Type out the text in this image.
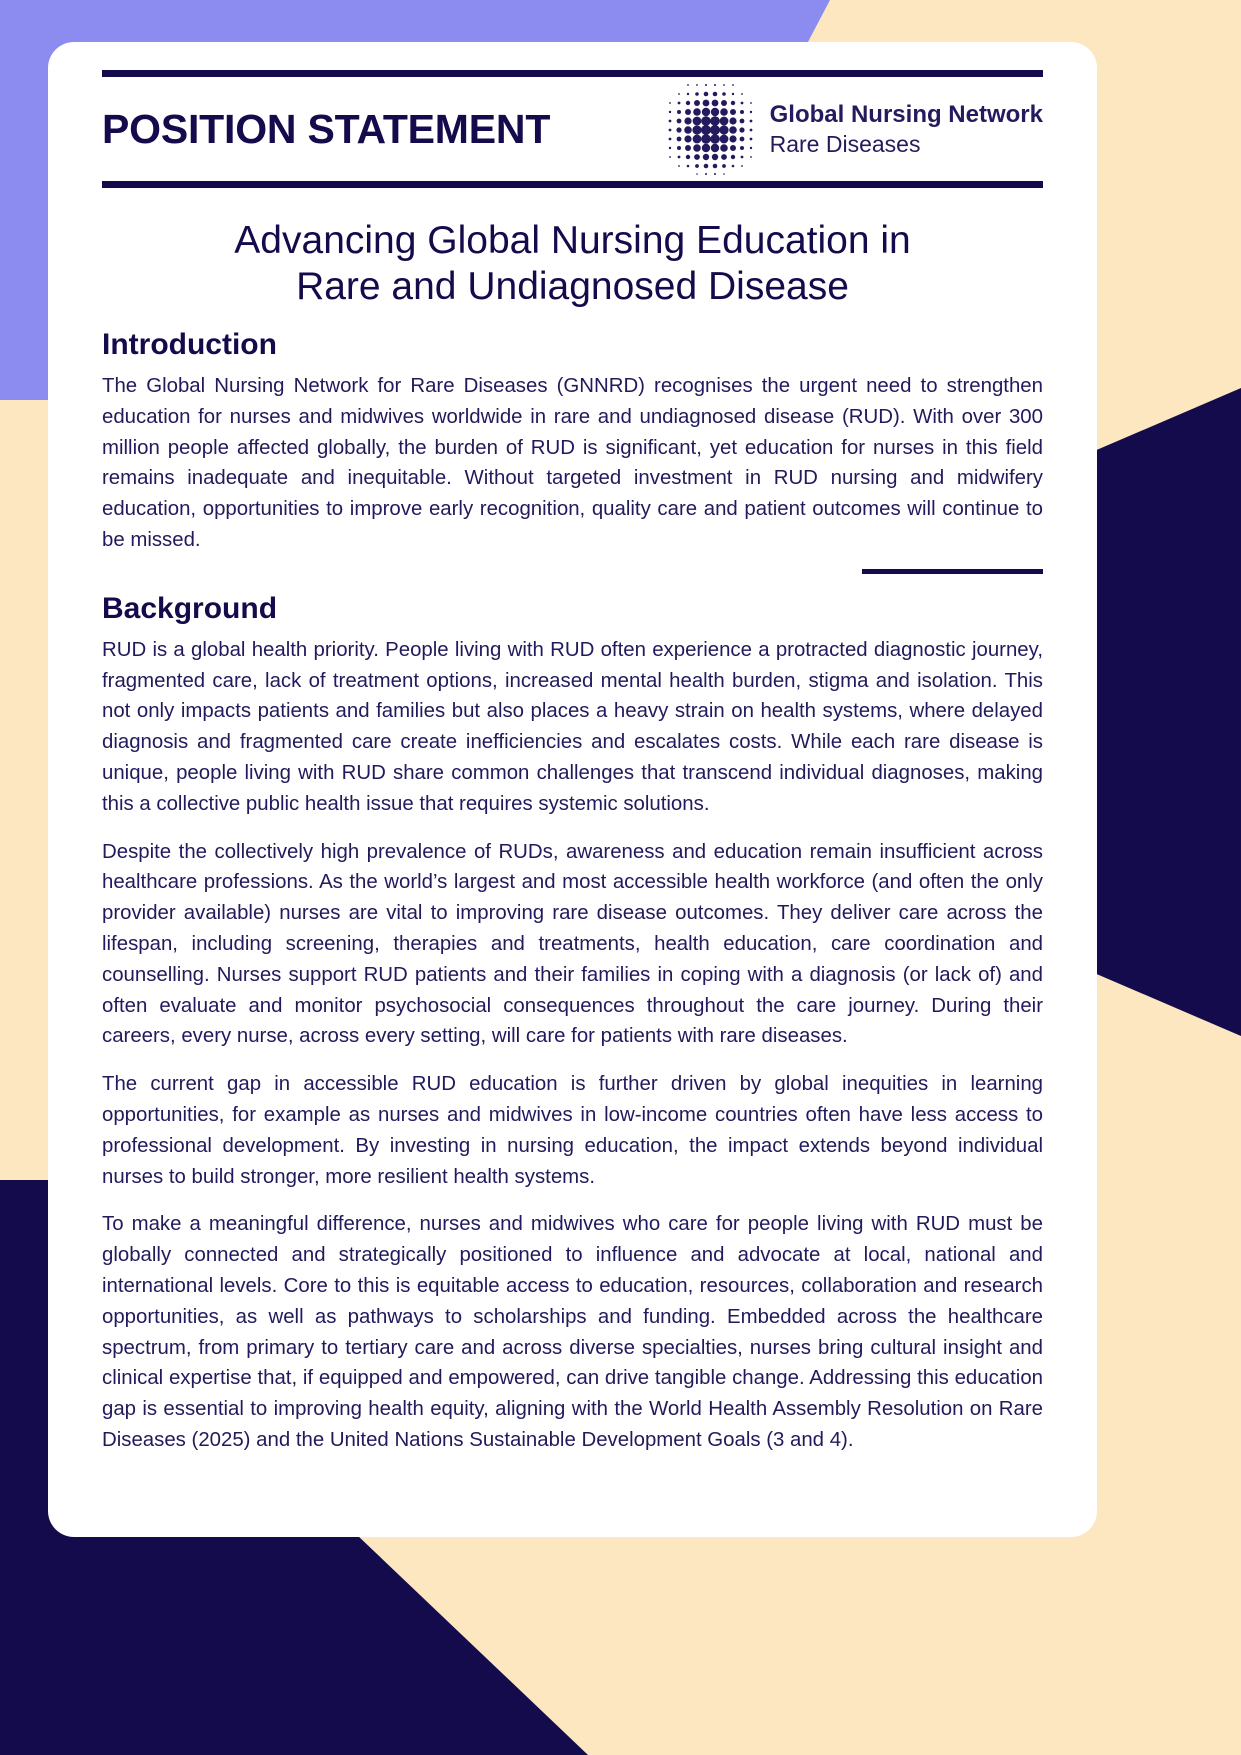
POSITION STATEMENT	Global Nursing Network
Rare Diseases
Advancing Global Nursing Education in
Rare and Undiagnosed Disease
Introduction

The Global Nursing Network for Rare Diseases (GNNRD) recognises the urgent need to strengthen education for nurses and midwives worldwide in rare and undiagnosed disease (RUD). With over 300 million people affected globally, the burden of RUD is significant, yet education for nurses in this field remains inadequate and inequitable. Without targeted investment in RUD nursing and midwifery education, opportunities to improve early recognition, quality care and patient outcomes will continue to be missed.

Background

RUD is a global health priority. People living with RUD often experience a protracted diagnostic journey, fragmented care, lack of treatment options, increased mental health burden, stigma and isolation. This not only impacts patients and families but also places a heavy strain on health systems, where delayed diagnosis and fragmented care create inefficiencies and escalates costs. While each rare disease is unique, people living with RUD share common challenges that transcend individual diagnoses, making this a collective public health issue that requires systemic solutions.

Despite the collectively high prevalence of RUDs, awareness and education remain insufficient across healthcare professions. As the world’s largest and most accessible health workforce (and often the only provider available) nurses are vital to improving rare disease outcomes. They deliver care across the lifespan, including screening, therapies and treatments, health education, care coordination and counselling. Nurses support RUD patients and their families in coping with a diagnosis (or lack of) and often evaluate and monitor psychosocial consequences throughout the care journey. During their careers, every nurse, across every setting, will care for patients with rare diseases.

The current gap in accessible RUD education is further driven by global inequities in learning opportunities, for example as nurses and midwives in low-income countries often have less access to professional development. By investing in nursing education, the impact extends beyond individual nurses to build stronger, more resilient health systems.

To make a meaningful difference, nurses and midwives who care for people living with RUD must be globally connected and strategically positioned to influence and advocate at local, national and international levels. Core to this is equitable access to education, resources, collaboration and research opportunities, as well as pathways to scholarships and funding. Embedded across the healthcare spectrum, from primary to tertiary care and across diverse specialties, nurses bring cultural insight and clinical expertise that, if equipped and empowered, can drive tangible change. Addressing this education gap is essential to improving health equity, aligning with the World Health Assembly Resolution on Rare Diseases (2025) and the United Nations Sustainable Development Goals (3 and 4).
